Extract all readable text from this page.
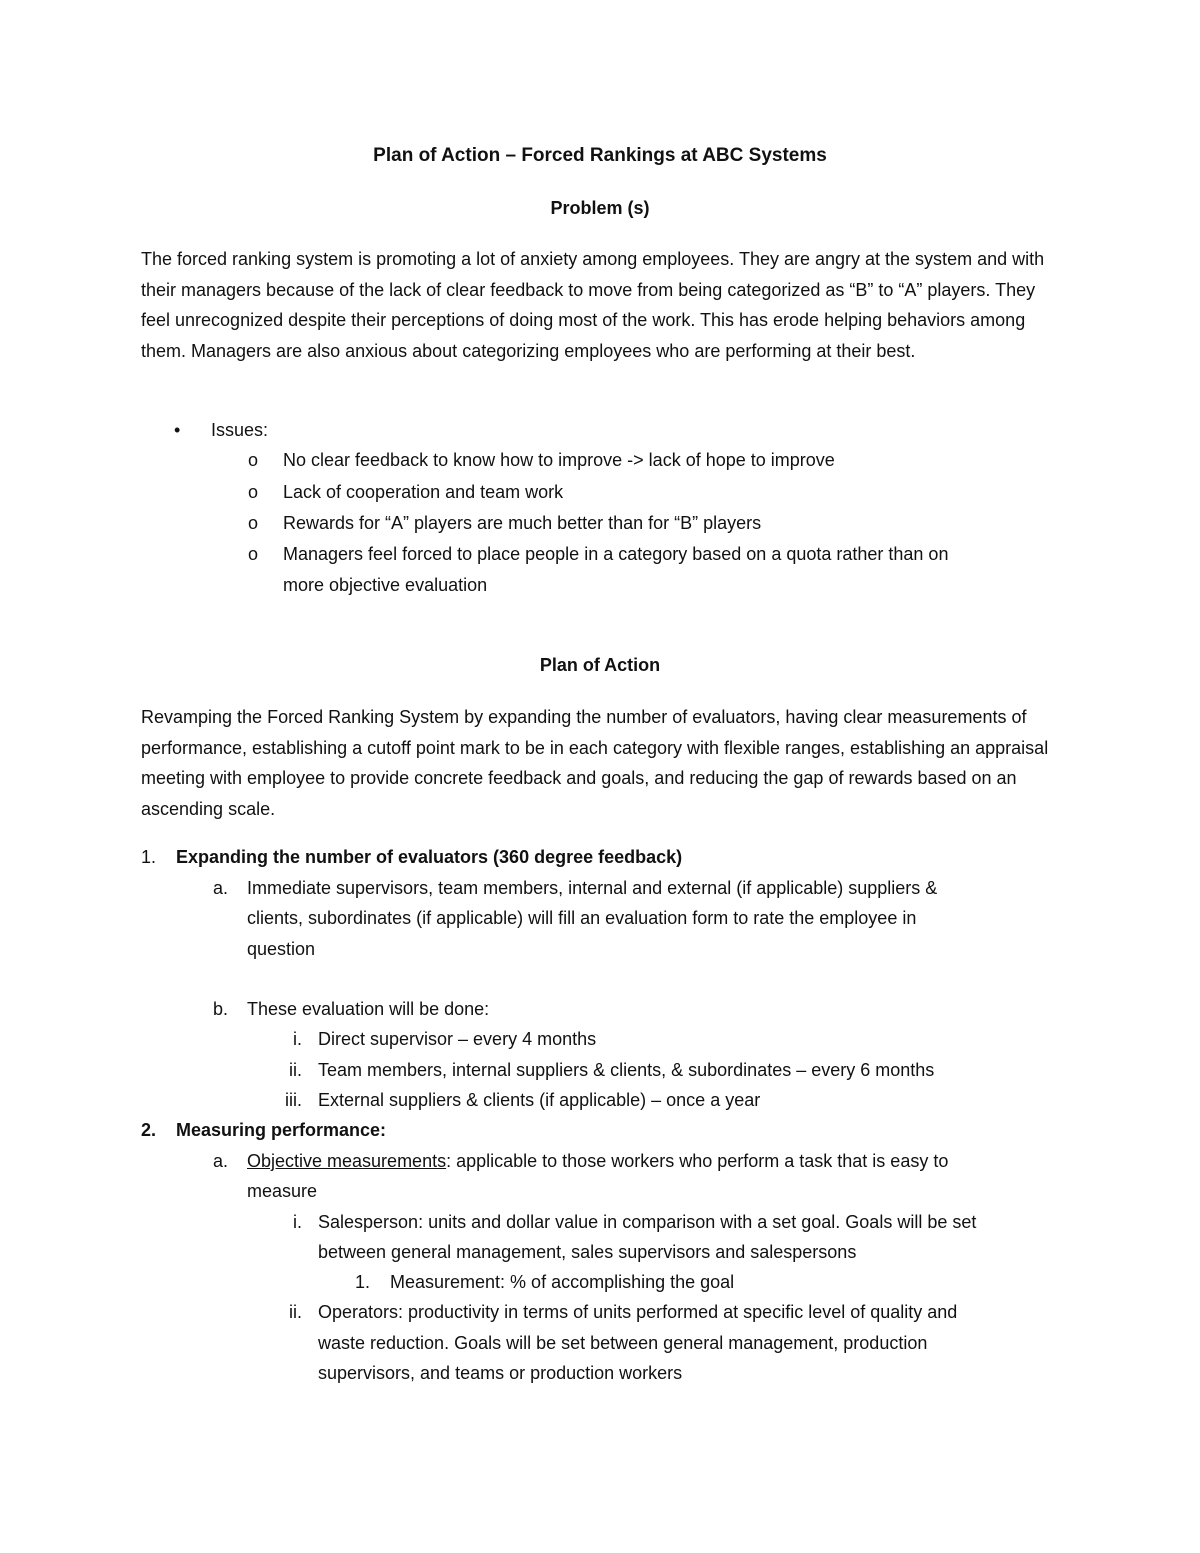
Plan of Action – Forced Rankings at ABC Systems
Problem (s)

The forced ranking system is promoting a lot of anxiety among employees. They are angry at the system and with their managers because of the lack of clear feedback to move from being categorized as “B” to “A” players. They feel unrecognized despite their perceptions of doing most of the work. This has erode helping behaviors among them. Managers are also anxious about categorizing employees who are performing at their best.

• Issues:
o No clear feedback to know how to improve -> lack of hope to improve
o Lack of cooperation and team work
o Rewards for “A” players are much better than for “B” players
o Managers feel forced to place people in a category based on a quota rather than on
more objective evaluation
Plan of Action

Revamping the Forced Ranking System by expanding the number of evaluators, having clear measurements of performance, establishing a cutoff point mark to be in each category with flexible ranges, establishing an appraisal meeting with employee to provide concrete feedback and goals, and reducing the gap of rewards based on an ascending scale.

1. Expanding the number of evaluators (360 degree feedback)
a. Immediate supervisors, team members, internal and external (if applicable) suppliers &
clients, subordinates (if applicable) will fill an evaluation form to rate the employee in
question
b. These evaluation will be done:
i. Direct supervisor – every 4 months
ii. Team members, internal suppliers & clients, & subordinates – every 6 months
iii. External suppliers & clients (if applicable) – once a year
2. Measuring performance:
a. Objective measurements: applicable to those workers who perform a task that is easy to
measure
i. Salesperson: units and dollar value in comparison with a set goal. Goals will be set
between general management, sales supervisors and salespersons
1. Measurement: % of accomplishing the goal
ii. Operators: productivity in terms of units performed at specific level of quality and
waste reduction. Goals will be set between general management, production
supervisors, and teams or production workers
